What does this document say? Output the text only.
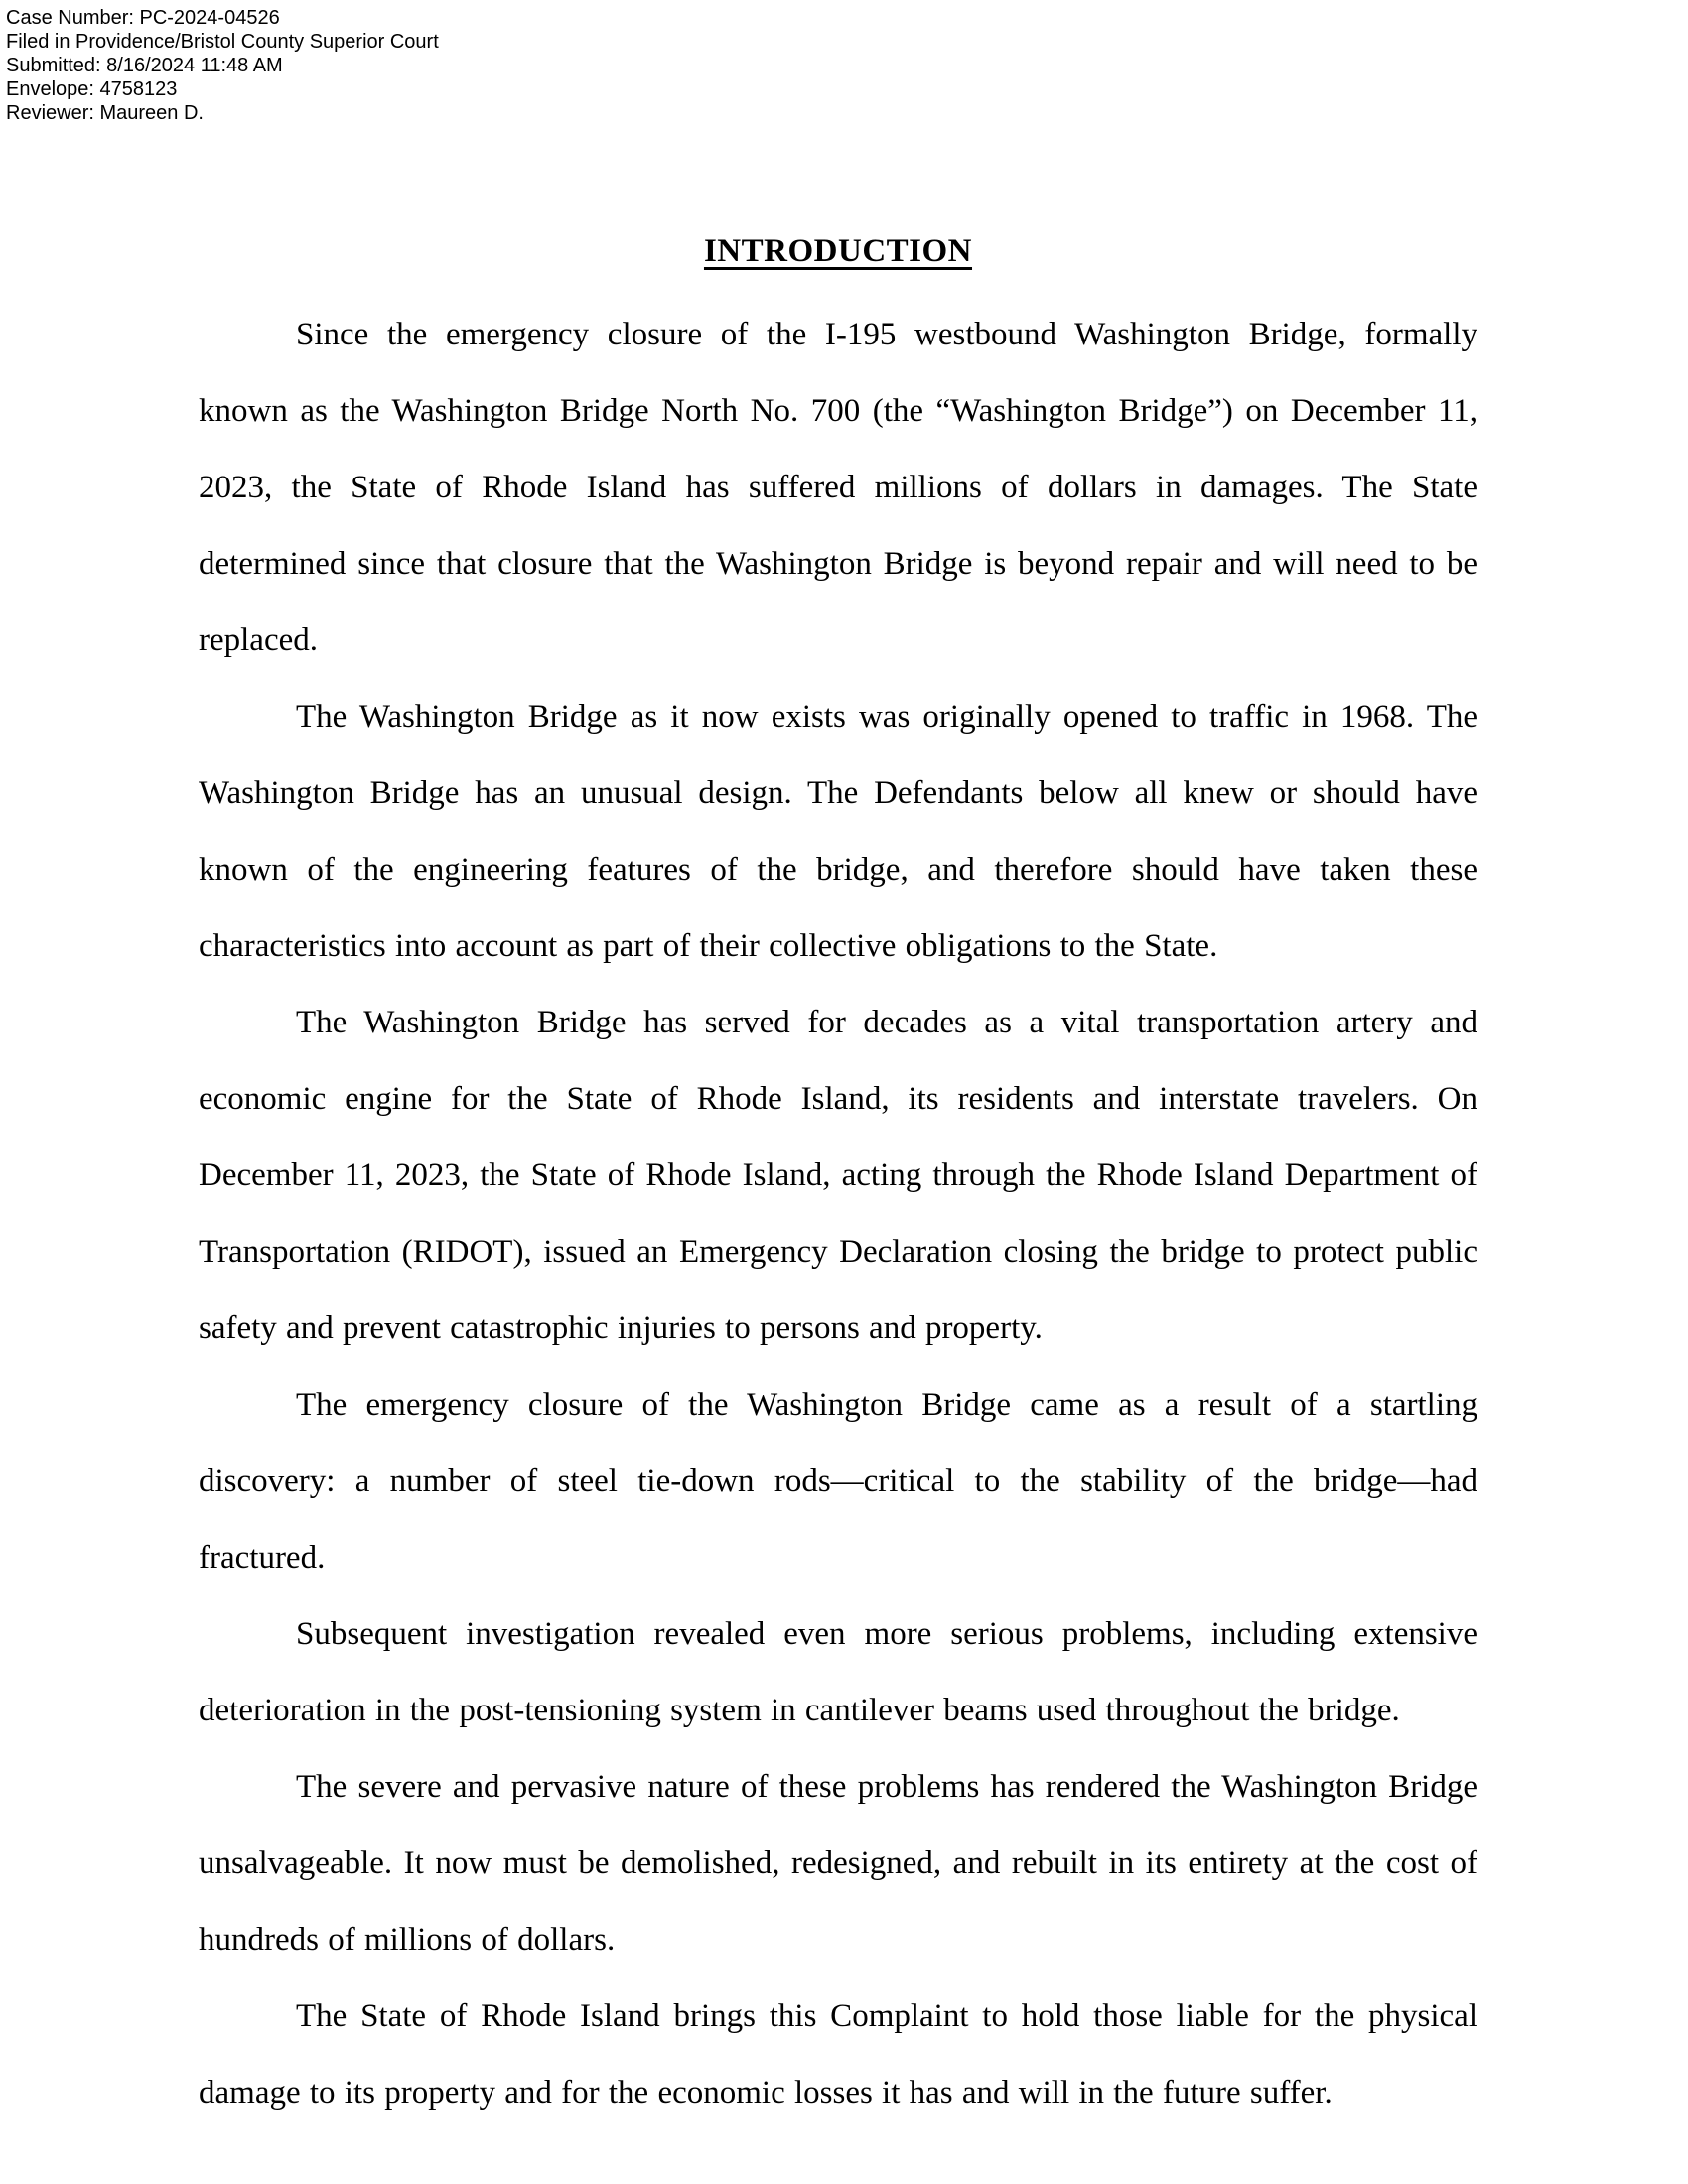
Case Number: PC-2024-04526
Filed in Providence/Bristol County Superior Court
Submitted: 8/16/2024 11:48 AM
Envelope: 4758123
Reviewer: Maureen D.
INTRODUCTION

Since the emergency closure of the I-195 westbound Washington Bridge, formally known as the Washington Bridge North No. 700 (the “Washington Bridge”) on December 11, 2023, the State of Rhode Island has suffered millions of dollars in damages. The State determined since that closure that the Washington Bridge is beyond repair and will need to be replaced.

The Washington Bridge as it now exists was originally opened to traffic in 1968. The Washington Bridge has an unusual design. The Defendants below all knew or should have known of the engineering features of the bridge, and therefore should have taken these characteristics into account as part of their collective obligations to the State.

The Washington Bridge has served for decades as a vital transportation artery and economic engine for the State of Rhode Island, its residents and interstate travelers. On December 11, 2023, the State of Rhode Island, acting through the Rhode Island Department of Transportation (RIDOT), issued an Emergency Declaration closing the bridge to protect public safety and prevent catastrophic injuries to persons and property.

The emergency closure of the Washington Bridge came as a result of a startling discovery: a number of steel tie-down rods—critical to the stability of the bridge—had fractured.

Subsequent investigation revealed even more serious problems, including extensive deterioration in the post-tensioning system in cantilever beams used throughout the bridge.

The severe and pervasive nature of these problems has rendered the Washington Bridge unsalvageable. It now must be demolished, redesigned, and rebuilt in its entirety at the cost of hundreds of millions of dollars.

The State of Rhode Island brings this Complaint to hold those liable for the physical damage to its property and for the economic losses it has and will in the future suffer.
